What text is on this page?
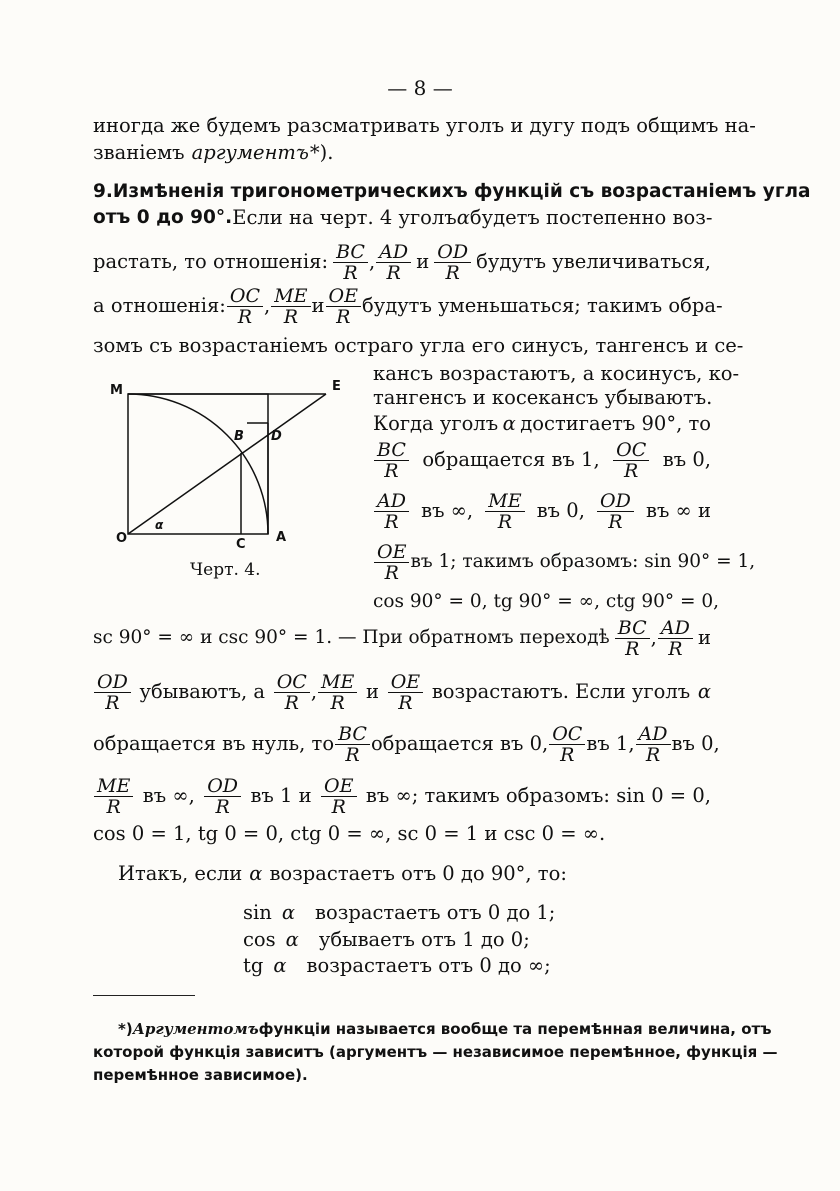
— 8 —
иногда же будемъ разсматривать уголъ и дугу подъ общимъ на-
званіемъ аргументъ *).
9. Измѣненія тригонометрическихъ функцій съ возрастаніемъ угла
отъ 0 до 90°. Если на черт. 4 уголъ α будетъ постепенно воз-
растать, то отношенія: $\frac{BC}{R}$ , $\frac{AD}{R}$ и $\frac{OD}{R}$ будутъ увеличиваться,
а отношенія: $\frac{OC}{R}$ , $\frac{ME}{R}$ и $\frac{OE}{R}$ будутъ уменьшаться; такимъ обра-
зомъ съ возрастаніемъ остраго угла его синусъ, тангенсъ и се-
кансъ возрастаютъ, а косинусъ, ко-
тангенсъ и косекансъ убываютъ.
Когда уголъ α достигаетъ 90°, то
$\frac{BC}{R}$ обращается въ 1, $\frac{OC}{R}$ въ 0,
$\frac{AD}{R}$ въ ∞, $\frac{ME}{R}$ въ 0, $\frac{OD}{R}$ въ ∞ и
$\frac{OE}{R}$ въ 1; такимъ образомъ: sin 90° = 1,
cos 90° = 0, tg 90° = ∞, ctg 90° = 0,
M	E
B D
O	C A
α
Черт. 4.
sc 90° = ∞ и csc 90° = 1. — При обратномъ переходѣ $\frac{BC}{R}$ , $\frac{AD}{R}$ и
$\frac{OD}{R}$ убываютъ, а $\frac{OC}{R}$ , $\frac{ME}{R}$ и $\frac{OE}{R}$ возрастаютъ. Если уголъ α
обращается въ нуль, то $\frac{BC}{R}$ обращается въ 0, $\frac{OC}{R}$ въ 1, $\frac{AD}{R}$ въ 0,
$\frac{ME}{R}$ въ ∞, $\frac{OD}{R}$ въ 1 и $\frac{OE}{R}$ въ ∞; такимъ образомъ: sin 0 = 0,
cos 0 = 1, tg 0 = 0, ctg 0 = ∞, sc 0 = 1 и csc 0 = ∞.
Итакъ, если α возрастаетъ отъ 0 до 90°, то:
sin α	возрастаетъ отъ 0 до 1;
cos α	убываетъ отъ 1 до 0;
tg α	возрастаетъ отъ 0 до ∞;
*) Аргументомъ функціи называется вообще та перемѣнная величина, отъ
которой функція зависитъ (аргументъ — независимое перемѣнное, функція —
перемѣнное зависимое).
